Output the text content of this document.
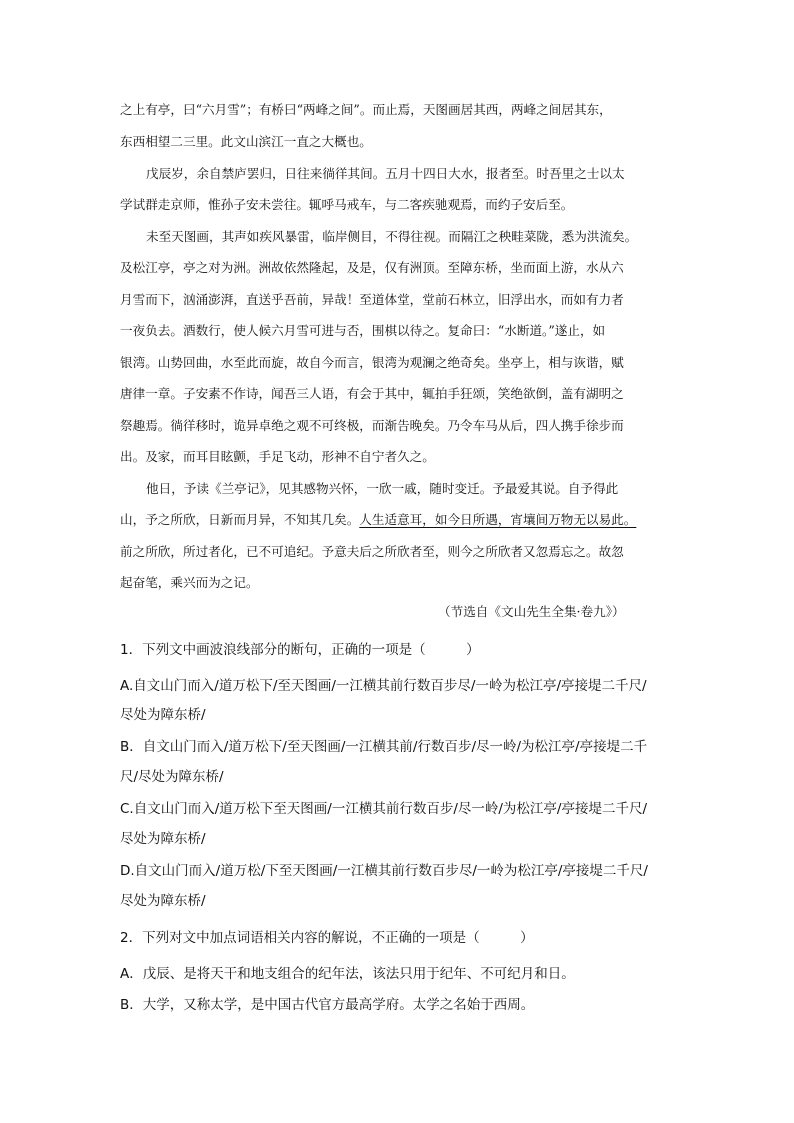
之上有亭，曰“六月雪”；有桥曰“两峰之间”。而止焉，天图画居其西，两峰之间居其东，
东西相望二三里。此文山滨江一直之大概也。
戊辰岁，余自禁庐罢归，日往来徜徉其间。五月十四日大水，报者至。时吾里之士以太
学试群走京师，惟孙子安未尝往。辄呼马戒车，与二客疾驰观焉，而约子安后至。
未至天图画，其声如疾风暴雷，临岸侧目，不得往视。而隔江之秧畦菜陇，悉为洪流矣。
及松江亭，亭之对为洲。洲故依然隆起，及是，仅有洲顶。至障东桥，坐而面上游，水从六
月雪而下，汹涌澎湃，直送乎吾前，异哉！至道体堂，堂前石林立，旧浮出水，而如有力者
一夜负去。酒数行，使人候六月雪可进与否，围棋以待之。复命曰：“水断道。”遂止，如
银湾。山势回曲，水至此而旋，故自今而言，银湾为观澜之绝奇矣。坐亭上，相与诙谐，赋
唐律一章。子安素不作诗，闻吾三人语，有会于其中，辄拍手狂颂，笑绝欲倒，盖有湖明之
祭趣焉。徜徉移时，诡异卓绝之观不可终极，而渐告晚矣。乃令车马从后，四人携手徐步而
出。及家，而耳目眩颤，手足飞动，形神不自宁者久之。
他日，予读《兰亭记》，见其感物兴怀，一欣一戚，随时变迁。予最爱其说。自予得此
山，予之所欣，日新而月异，不知其几矣。人生适意耳，如今日所遇，宵壤间万物无以易此。
前之所欣，所过者化，已不可追纪。予意夫后之所欣者至，则今之所欣者又忽焉忘之。故忽
起奋笔，乘兴而为之记。
（节选自《文山先生全集·卷九》）
1．下列文中画波浪线部分的断句，正确的一项是（　　　）
A.自文山门而入/道万松下/至天图画/一江横其前行数百步尽/一岭为松江亭/亭接堤二千尺/
尽处为障东桥/
B．自文山门而入/道万松下/至天图画/一江横其前/行数百步/尽一岭/为松江亭/亭接堤二千
尺/尽处为障东桥/
C.自文山门而入/道万松下至天图画/一江横其前行数百步/尽一岭/为松江亭/亭接堤二千尺/
尽处为障东桥/
D.自文山门而入/道万松/下至天图画/一江横其前行数百步尽/一岭为松江亭/亭接堤二千尺/
尽处为障东桥/
2．下列对文中加点词语相关内容的解说，不正确的一项是（　　　）
A．戊辰、是将天干和地支组合的纪年法，该法只用于纪年、不可纪月和日。
B．大学，又称太学，是中国古代官方最高学府。太学之名始于西周。
